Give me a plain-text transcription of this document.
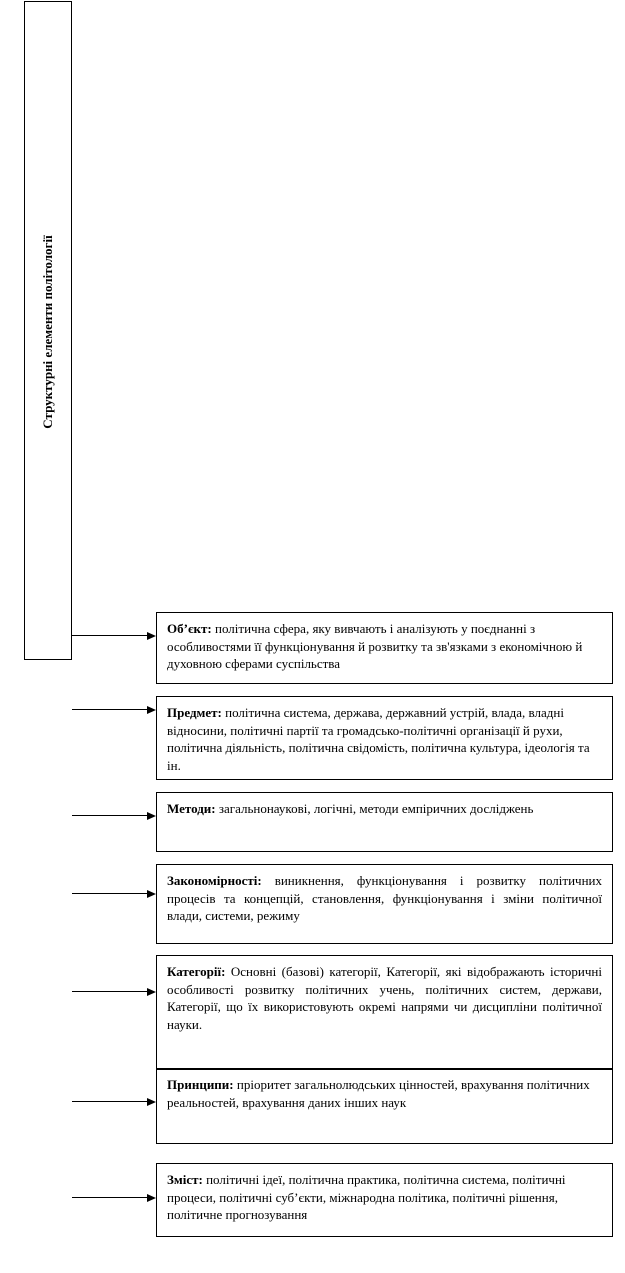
Структурні елементи політології
Об’єкт: політична сфера, яку вивчають і аналізують у поєднанні з особливостями її функціонування й розвитку та зв'язками з економічною й духовною сферами суспільства
Предмет: політична система, держава, державний устрій, влада, владні відносини, політичні партії та громадсько-політичні організації й рухи, політична діяльність, політична свідомість, політична культура, ідеологія та ін.
Методи: загальнонаукові, логічні, методи емпіричних досліджень
Закономірності: виникнення, функціонування і розвитку політичних процесів та концепцій, становлення, функціонування і зміни політичної влади, системи, режиму
Категорії: Основні (базові) категорії, Категорії, які відображають історичні особливості розвитку політичних учень, політичних систем, держави, Категорії, що їх використовують окремі напрями чи дисципліни політичної науки.
Принципи: пріоритет загальнолюдських цінностей, врахування політичних реальностей, врахування даних інших наук
Зміст: політичні ідеї, політична практика, політична система, політичні процеси, політичні суб’єкти, міжнародна політика, політичні рішення, політичне прогнозування
